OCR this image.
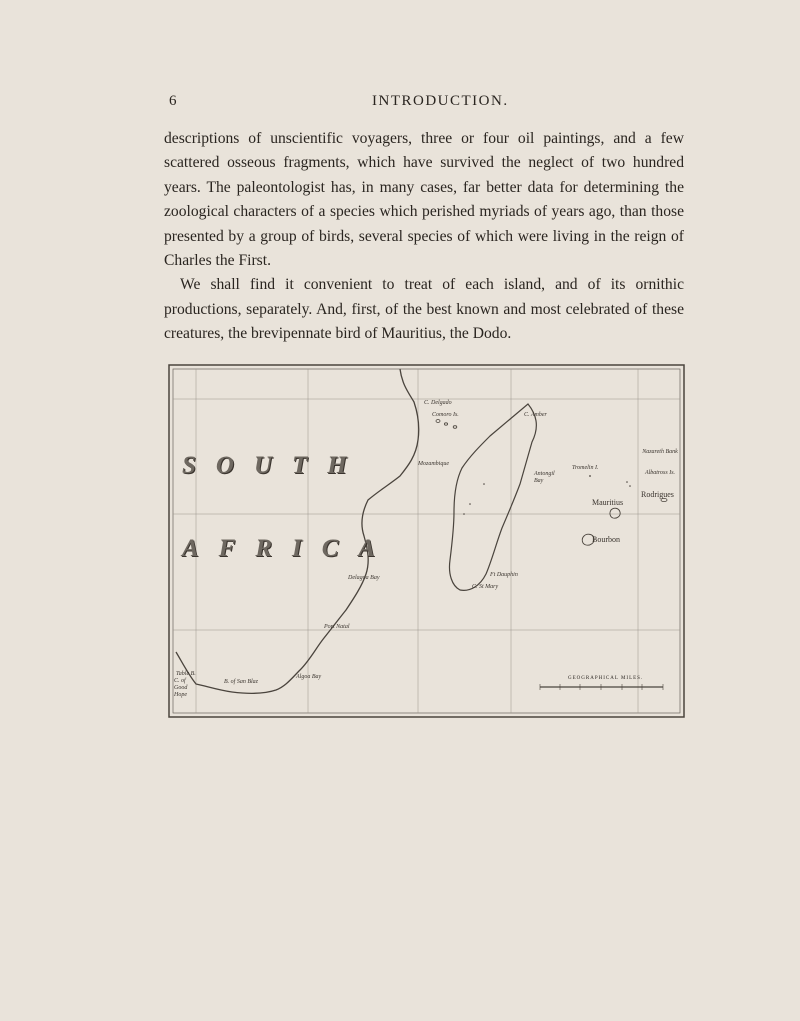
6	INTRODUCTION.

descriptions of unscientific voyagers, three or four oil paintings, and a few scattered osseous fragments, which have survived the neglect of two hundred years. The paleontologist has, in many cases, far better data for determining the zoological characters of a species which perished myriads of years ago, than those presented by a group of birds, several species of which were living in the reign of Charles the First.

We shall find it convenient to treat of each island, and of its ornithic productions, separately. And, first, of the best known and most celebrated of these creatures, the brevipennate bird of Mauritius, the Dodo.

SOUTH
AFRICA
C. Delgado
Comoro Is.	C. Amber
Mozambique
Antongil Bay
Tromelin I.
Nazareth Bank
Albatross Is.
Rodrigues
Mauritius
Bourbon
Ft Dauphin
C. St Mary
Delagoa Bay
Port Natal
Algoa Bay
Table B.
C. of Good Hope
B. of San Blaz
GEOGRAPHICAL MILES.
